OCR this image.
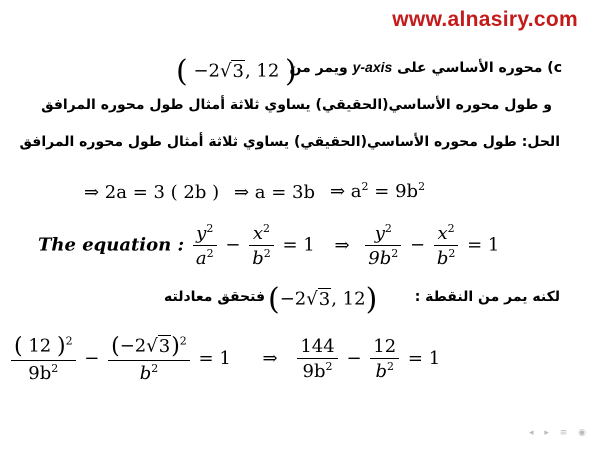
www.alnasiry.com
c) محوره الأساسي على y-axis ويمر من
( −2√3, 12 )
و طول محوره الأساسي(الحقيقي) يساوي ثلاثة أمثال طول محوره المرافق
الحل: طول محوره الأساسي(الحقيقي) يساوي ثلاثة أمثال طول محوره المرافق
⇒ 2a = 3 ( 2b ) ⇒ a = 3b ⇒ $a^2 = 9b^2$
The equation : $\frac{y^2}{a^2} - \frac{x^2}{b^2} = 1$ ⇒ $\frac{y^2}{9b^2} - \frac{x^2}{b^2} = 1$
لكنه يمر من النقطة :
(−2√3, 12)
فتحقق معادلته
$\frac{( 12 )^2}{9b^2} - \frac{(-2√3)^2}{b^2} = 1$ ⇒ $\frac{144}{9b^2} - \frac{12}{b^2} = 1$
◂ ▸ ≡ ◉
